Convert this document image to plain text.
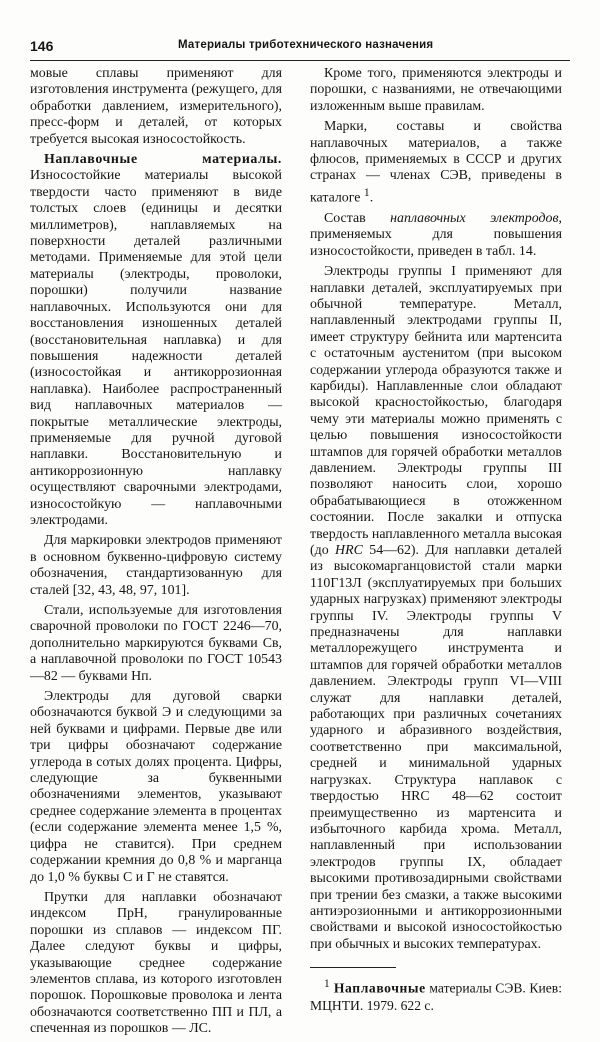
146	Материалы триботехнического назначения

мовые сплавы применяют для изготовления инструмента (режущего, для обработки давлением, измерительного), пресс-форм и деталей, от которых требуется высокая износостойкость.

Наплавочные материалы. Износостойкие материалы высокой твердости часто применяют в виде толстых слоев (единицы и десятки миллиметров), наплавляемых на поверхности деталей различными методами. Применяемые для этой цели материалы (электроды, проволоки, порошки) получили название наплавочных. Используются они для восстановления изношенных деталей (восстановительная наплавка) и для повышения надежности деталей (износостойкая и антикоррозионная наплавка). Наиболее распространенный вид наплавочных материалов — покрытые металлические электроды, применяемые для ручной дуговой наплавки. Восстановительную и антикоррозионную наплавку осуществляют сварочными электродами, износостойкую — наплавочными электродами.

Для маркировки электродов применяют в основном буквенно-цифровую систему обозначения, стандартизованную для сталей [32, 43, 48, 97, 101].

Стали, используемые для изготовления сварочной проволоки по ГОСТ 2246—70, дополнительно маркируются буквами Св, а наплавочной проволоки по ГОСТ 10543—82 — буквами Нп.

Электроды для дуговой сварки обозначаются буквой Э и следующими за ней буквами и цифрами. Первые две или три цифры обозначают содержание углерода в сотых долях процента. Цифры, следующие за буквенными обозначениями элементов, указывают среднее содержание элемента в процентах (если содержание элемента менее 1,5 %, цифра не ставится). При среднем содержании кремния до 0,8 % и марганца до 1,0 % буквы С и Г не ставятся.

Прутки для наплавки обозначают индексом ПрН, гранулированные порошки из сплавов — индексом ПГ. Далее следуют буквы и цифры, указывающие среднее содержание элементов сплава, из которого изготовлен порошок. Порошковые проволока и лента обозначаются соответственно ПП и ПЛ, а спеченная из порошков — ЛС.

Кроме того, применяются электроды и порошки, с названиями, не отвечающими изложенным выше правилам.

Марки, составы и свойства наплавочных материалов, а также флюсов, применяемых в СССР и других странах — членах СЭВ, приведены в каталоге $^1$.

Состав наплавочных электродов, применяемых для повышения износостойкости, приведен в табл. 14.

Электроды группы I применяют для наплавки деталей, эксплуатируемых при обычной температуре. Металл, наплавленный электродами группы II, имеет структуру бейнита или мартенсита с остаточным аустенитом (при высоком содержании углерода образуются также и карбиды). Наплавленные слои обладают высокой красностойкостью, благодаря чему эти материалы можно применять с целью повышения износостойкости штампов для горячей обработки металлов давлением. Электроды группы III позволяют наносить слои, хорошо обрабатывающиеся в отожженном состоянии. После закалки и отпуска твердость наплавленного металла высокая (до HRC 54—62). Для наплавки деталей из высокомарганцовистой стали марки 110Г13Л (эксплуатируемых при больших ударных нагрузках) применяют электроды группы IV. Электроды группы V предназначены для наплавки металлорежущего инструмента и штампов для горячей обработки металлов давлением. Электроды групп VI—VIII служат для наплавки деталей, работающих при различных сочетаниях ударного и абразивного воздействия, соответственно при максимальной, средней и минимальной ударных нагрузках. Структура наплавок с твердостью HRC 48—62 состоит преимущественно из мартенсита и избыточного карбида хрома. Металл, наплавленный при использовании электродов группы IX, обладает высокими противозадирными свойствами при трении без смазки, а также высокими антиэрозионными и антикоррозионными свойствами и высокой износостойкостью при обычных и высоких температурах.

$^1$ Наплавочные материалы СЭВ. Киев: МЦНТИ. 1979. 622 с.
